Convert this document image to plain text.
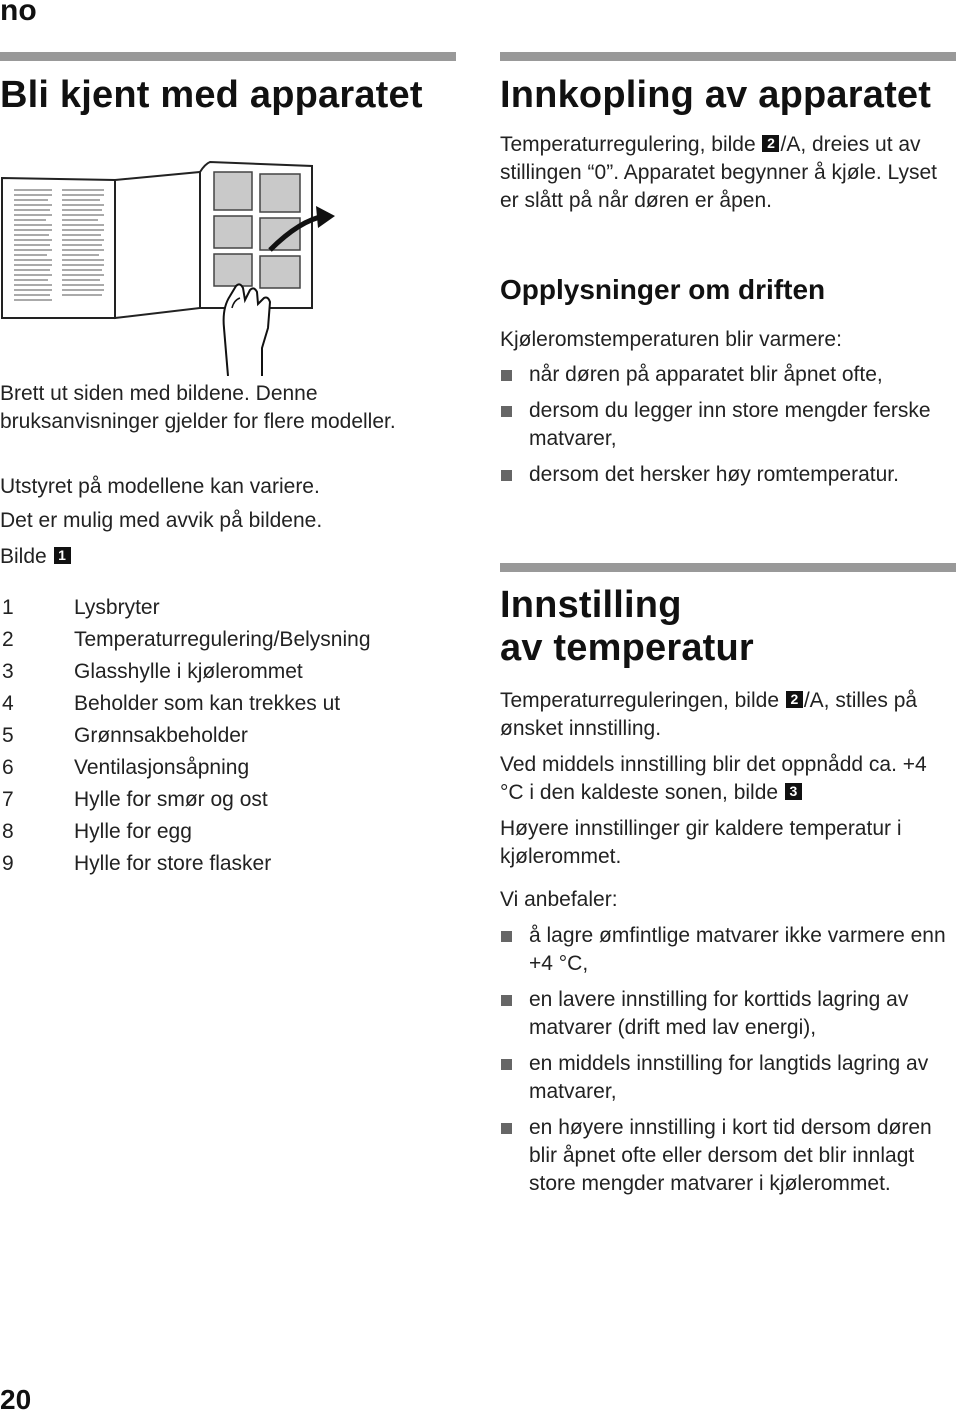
no
Bli kjent med apparatet

Brett ut siden med bildene. Denne bruksanvisninger gjelder for flere modeller.

Utstyret på modellene kan variere.

Det er mulig med avvik på bildene.

Bilde 1

1	Lysbryter
2	Temperaturregulering/Belysning
3	Glasshylle i kjølerommet
4	Beholder som kan trekkes ut
5	Grønnsakbeholder
6	Ventilasjonsåpning
7	Hylle for smør og ost
8	Hylle for egg
9	Hylle for store flasker
Innkopling av apparatet

Temperaturregulering, bilde 2 /A, dreies ut av stillingen “0”. Apparatet begynner å kjøle. Lyset er slått på når døren er åpen.

Opplysninger om driften

Kjøleromstemperaturen blir varmere:

når døren på apparatet blir åpnet ofte,
dersom du legger inn store mengder ferske matvarer,
dersom det hersker høy romtemperatur.
Innstilling
av temperatur

Temperaturreguleringen, bilde 2 /A, stilles på ønsket innstilling.

Ved middels innstilling blir det oppnådd ca. +4 °C i den kaldeste sonen, bilde 3

Høyere innstillinger gir kaldere temperatur i kjølerommet.

Vi anbefaler:

å lagre ømfintlige matvarer ikke varmere enn +4 °C,
en lavere innstilling for korttids lagring av matvarer (drift med lav energi),
en middels innstilling for langtids lagring av matvarer,
en høyere innstilling i kort tid dersom døren blir åpnet ofte eller dersom det blir innlagt store mengder matvarer i kjølerommet.
20
